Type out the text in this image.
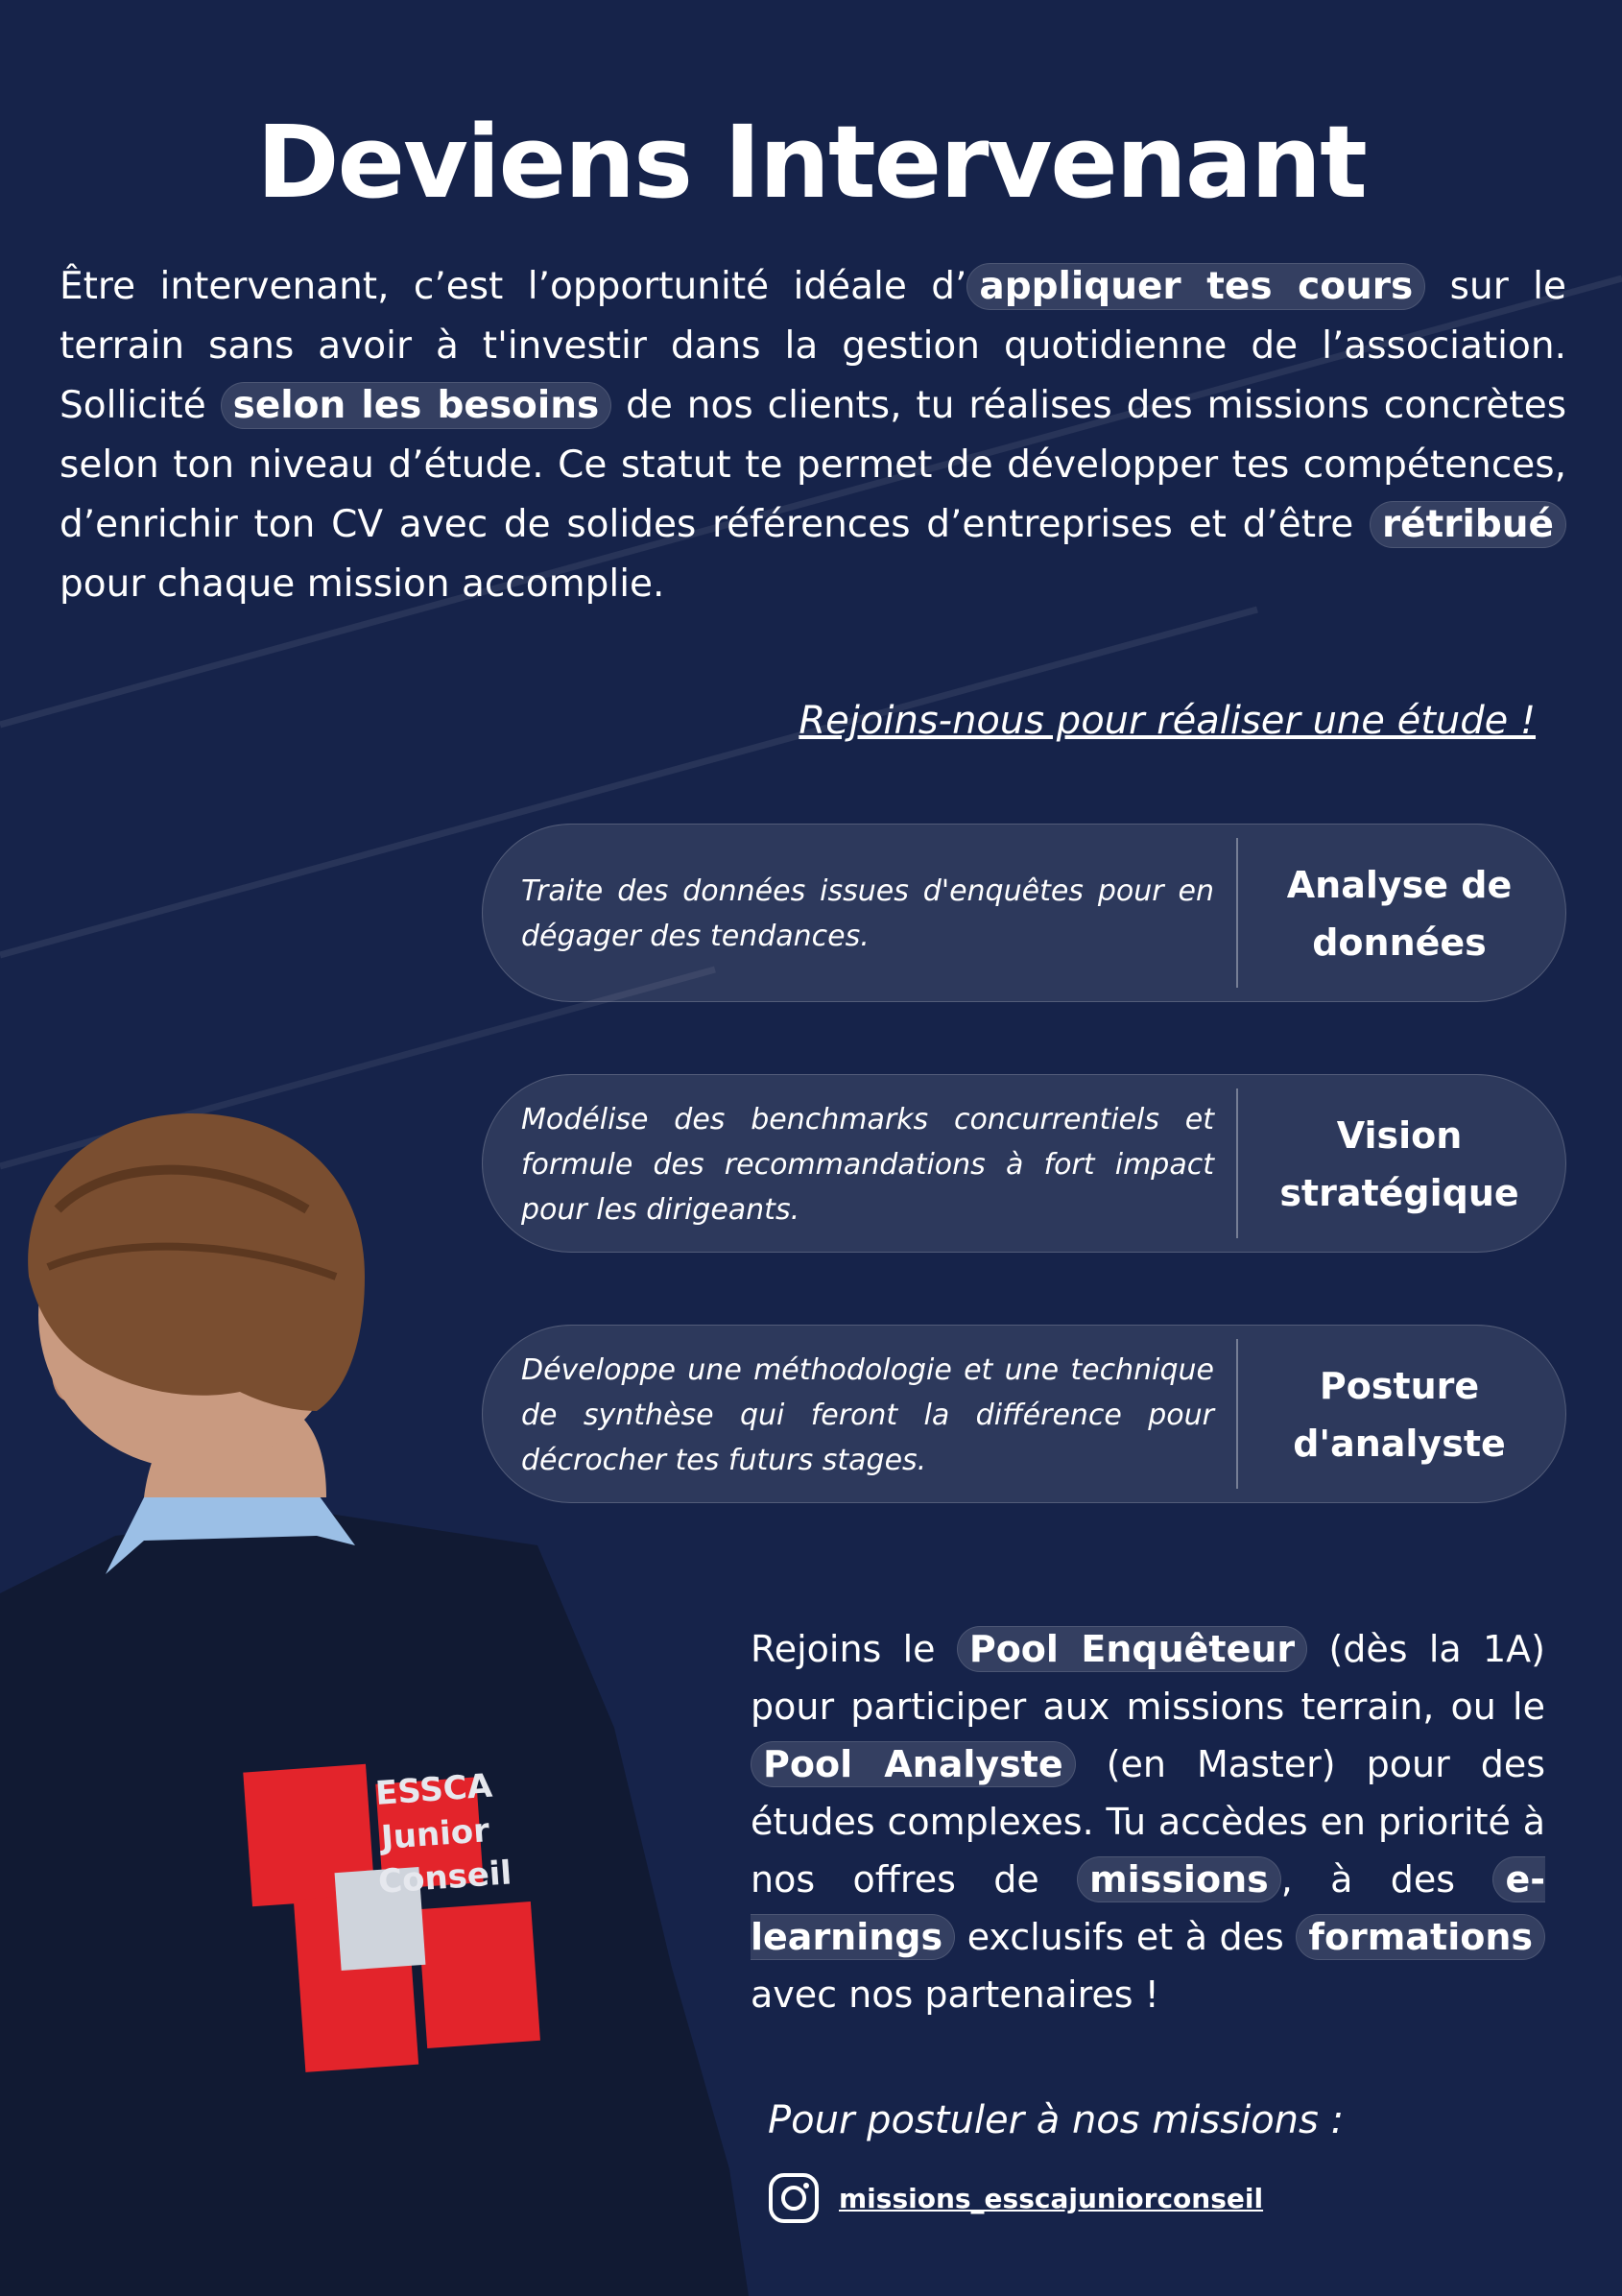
Deviens Intervenant

Être intervenant, c’est l’opportunité idéale d’ appliquer tes cours sur le terrain sans avoir à t'investir dans la gestion quotidienne de l’association. Sollicité selon les besoins de nos clients, tu réalises des missions concrètes selon ton niveau d’étude. Ce statut te permet de développer tes compétences, d’enrichir ton CV avec de solides références d’entreprises et d’être rétribué pour chaque mission accomplie.

Rejoins-nous pour réaliser une étude !
Traite des données issues d'enquêtes pour en dégager des tendances.
Analyse de données
Modélise des benchmarks concurrentiels et formule des recommandations à fort impact pour les dirigeants.
Vision stratégique
Développe une méthodologie et une technique de synthèse qui feront la différence pour décrocher tes futurs stages.
Posture d'analyste
ESSCA
Junior
Conseil

Rejoins le Pool Enquêteur (dès la 1A) pour participer aux missions terrain, ou le Pool Analyste (en Master) pour des études complexes. Tu accèdes en priorité à nos offres de missions , à des e-learnings exclusifs et à des formations avec nos partenaires !

Pour postuler à nos missions :
missions_esscajuniorconseil
